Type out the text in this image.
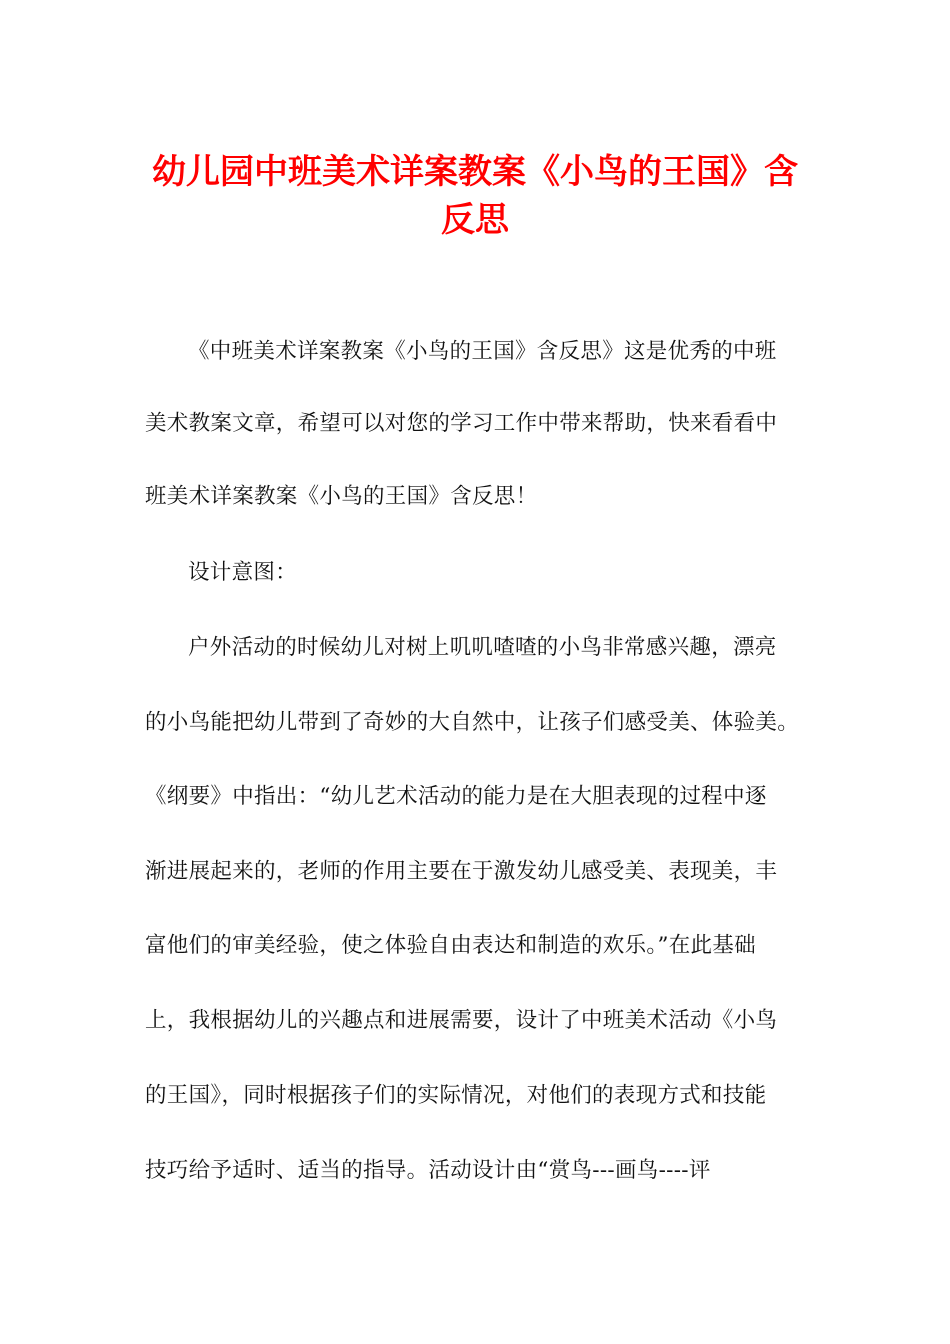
幼儿园中班美术详案教案《小鸟的王国》含
反思

《中班美术详案教案《小鸟的王国》含反思》这是优秀的中班

美术教案文章，希望可以对您的学习工作中带来帮助，快来看看中

班美术详案教案《小鸟的王国》含反思！

设计意图：

户外活动的时候幼儿对树上叽叽喳喳的小鸟非常感兴趣，漂亮

的小鸟能把幼儿带到了奇妙的大自然中，让孩子们感受美、体验美。

《纲要》中指出：“幼儿艺术活动的能力是在大胆表现的过程中逐

渐进展起来的，老师的作用主要在于激发幼儿感受美、表现美，丰

富他们的审美经验，使之体验自由表达和制造的欢乐。”在此基础

上，我根据幼儿的兴趣点和进展需要，设计了中班美术活动《小鸟

的王国》，同时根据孩子们的实际情况，对他们的表现方式和技能

技巧给予适时、适当的指导。活动设计由“赏鸟---画鸟----评
